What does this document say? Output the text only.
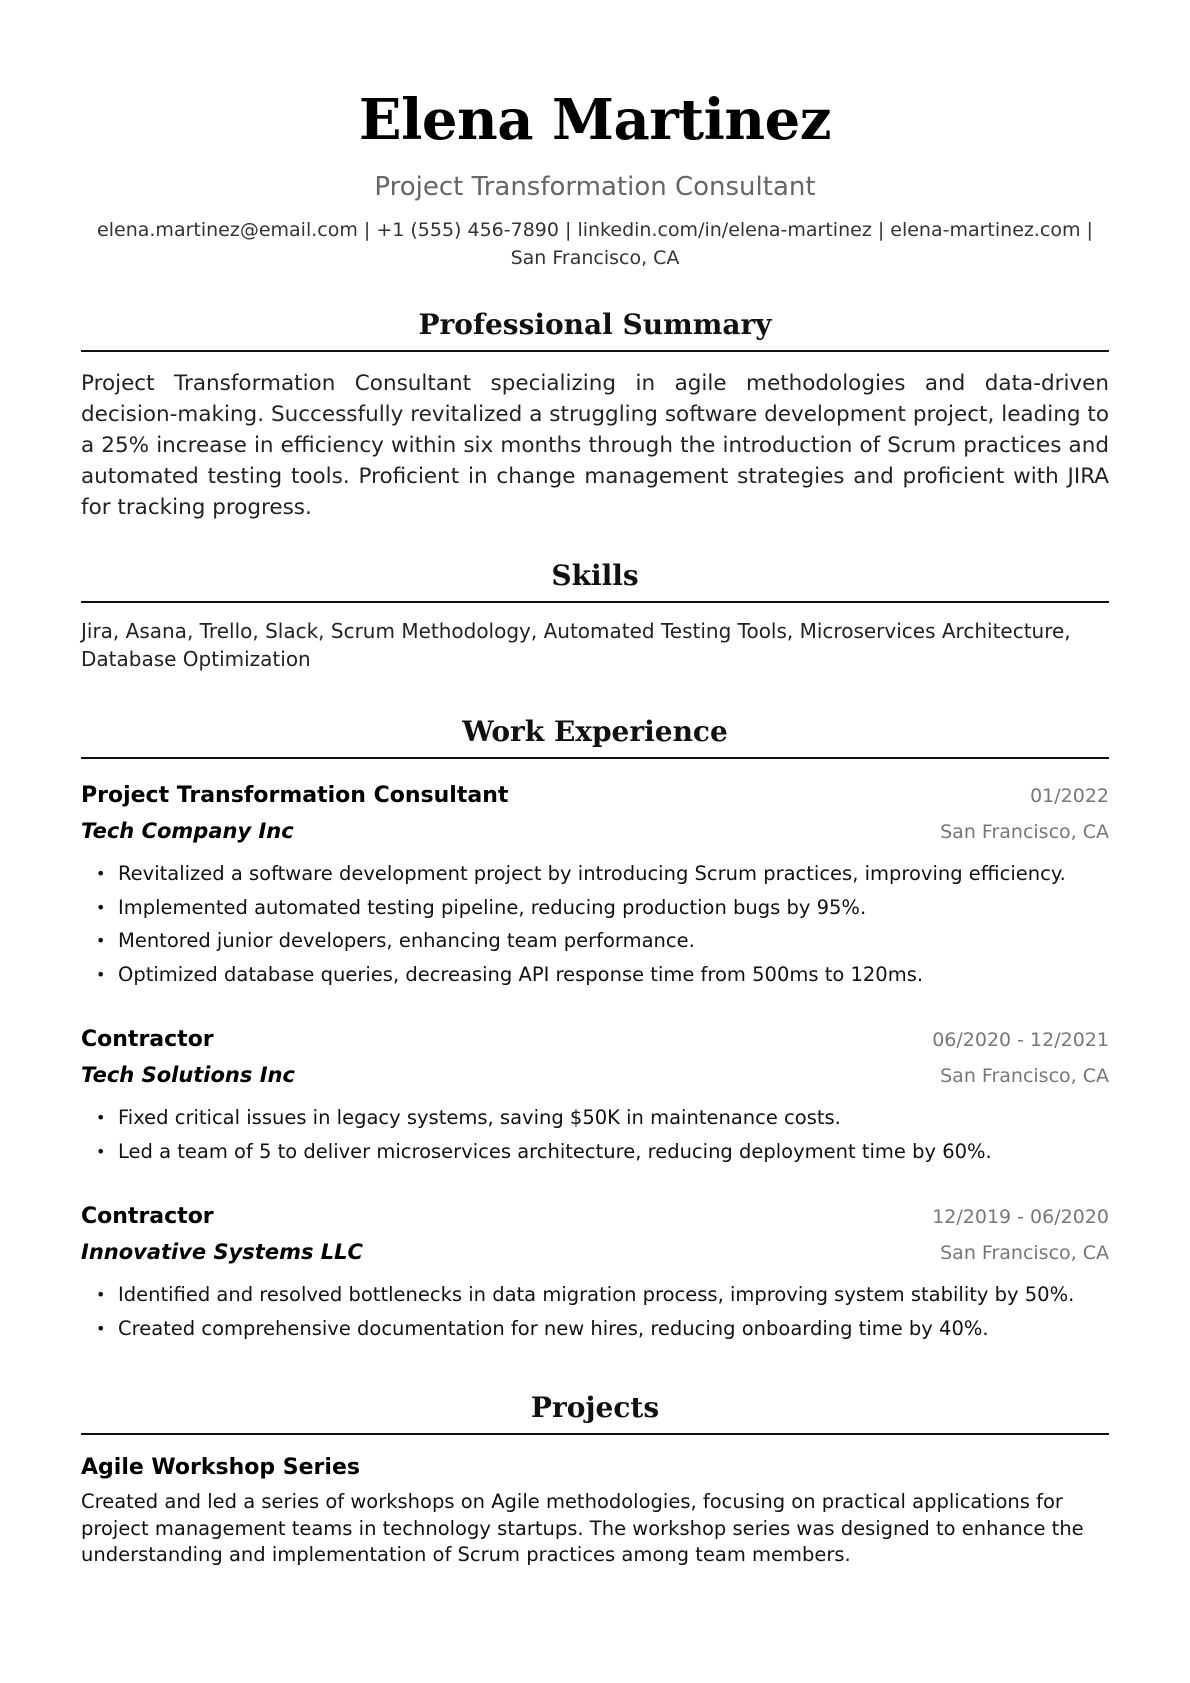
Elena Martinez
Project Transformation Consultant
elena.martinez@email.com | +1 (555) 456-7890 | linkedin.com/in/elena-martinez | elena-martinez.com | San Francisco, CA
Professional Summary
Project Transformation Consultant specializing in agile methodologies and data-driven decision-making. Successfully revitalized a struggling software development project, leading to a 25% increase in efficiency within six months through the introduction of Scrum practices and automated testing tools. Proficient in change management strategies and proficient with JIRA for tracking progress.
Skills
Jira, Asana, Trello, Slack, Scrum Methodology, Automated Testing Tools, Microservices Architecture, Database Optimization
Work Experience
Project Transformation Consultant	01/2022
Tech Company Inc	San Francisco, CA
• Revitalized a software development project by introducing Scrum practices, improving efficiency.
• Implemented automated testing pipeline, reducing production bugs by 95%.
• Mentored junior developers, enhancing team performance.
• Optimized database queries, decreasing API response time from 500ms to 120ms.
Contractor	06/2020 - 12/2021
Tech Solutions Inc	San Francisco, CA
• Fixed critical issues in legacy systems, saving $50K in maintenance costs.
• Led a team of 5 to deliver microservices architecture, reducing deployment time by 60%.
Contractor	12/2019 - 06/2020
Innovative Systems LLC	San Francisco, CA
• Identified and resolved bottlenecks in data migration process, improving system stability by 50%.
• Created comprehensive documentation for new hires, reducing onboarding time by 40%.
Projects
Agile Workshop Series
Created and led a series of workshops on Agile methodologies, focusing on practical applications for project management teams in technology startups. The workshop series was designed to enhance the understanding and implementation of Scrum practices among team members.
